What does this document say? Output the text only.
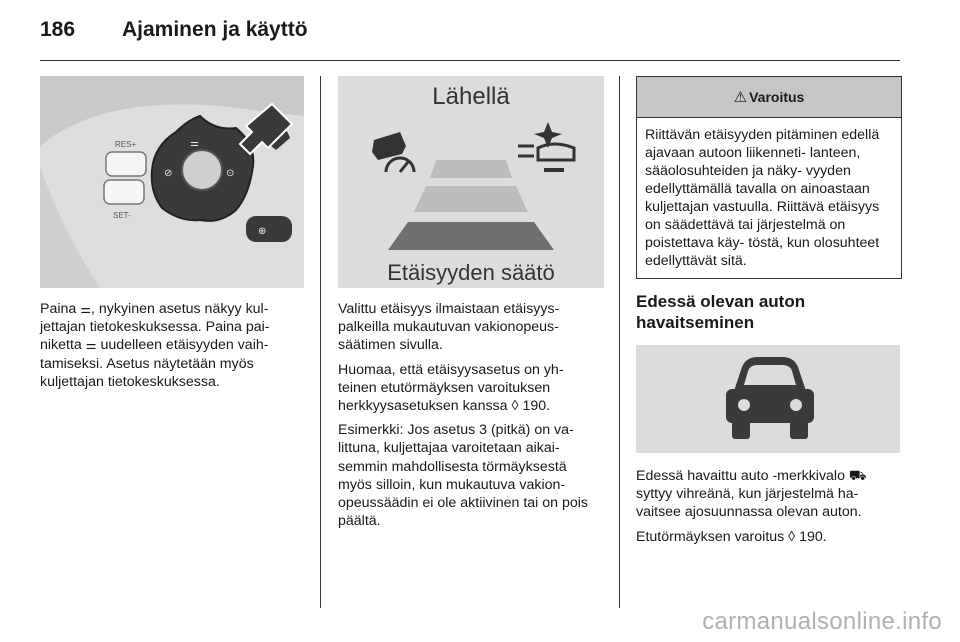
186	Ajaminen ja käyttö
RES+
SET-
⚌
⊘	⊙
⊕

Paina ⚌, nykyinen asetus näkyy kul- jettajan tietokeskuksessa. Paina pai- niketta ⚌ uudelleen etäisyyden vaih- tamiseksi. Asetus näytetään myös kuljettajan tietokeskuksessa.

Lähellä
Etäisyyden säätö

Valittu etäisyys ilmaistaan etäisyys- palkeilla mukautuvan vakionopeus- säätimen sivulla.

Huomaa, että etäisyysasetus on yh- teinen etutörmäyksen varoituksen herkkyysasetuksen kanssa ◊ 190.

Esimerkki: Jos asetus 3 (pitkä) on va- littuna, kuljettajaa varoitetaan aikai- semmin mahdollisesta törmäyksestä myös silloin, kun mukautuva vakion- opeussäädin ei ole aktiivinen tai on pois päältä.

⚠ Varoitus

Riittävän etäisyyden pitäminen edellä ajavaan autoon liikenneti- lanteen, sääolosuhteiden ja näky- vyyden edellyttämällä tavalla on ainoastaan kuljettajan vastuulla. Riittävä etäisyys on säädettävä tai järjestelmä on poistettava käy- töstä, kun olosuhteet edellyttävät sitä.

Edessä olevan auton havaitseminen

Edessä havaittu auto -merkkivalo ⛟ syttyy vihreänä, kun järjestelmä ha- vaitsee ajosuunnassa olevan auton.

Etutörmäyksen varoitus ◊ 190.

carmanualsonline.info
